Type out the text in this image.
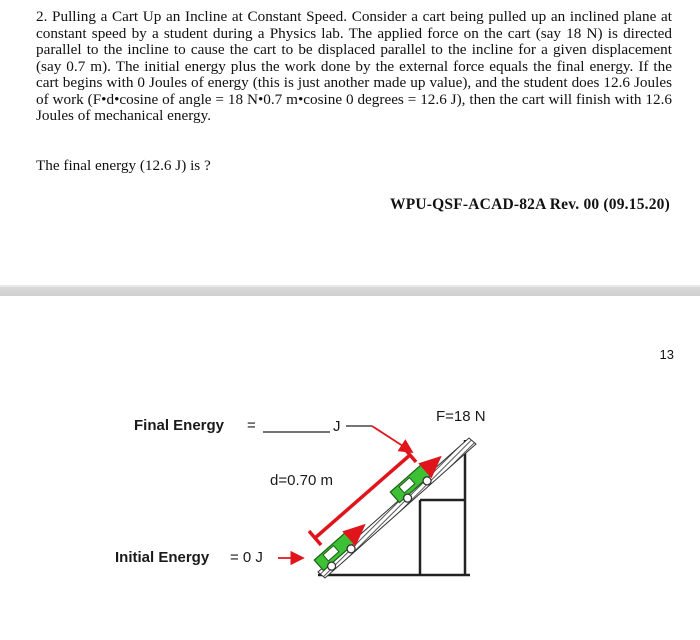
2. Pulling a Cart Up an Incline at Constant Speed. Consider a cart being pulled up an inclined plane at constant speed by a student during a Physics lab. The applied force on the cart (say 18 N) is directed parallel to the incline to cause the cart to be displaced parallel to the incline for a given displacement (say 0.7 m). The initial energy plus the work done by the external force equals the final energy. If the cart begins with 0 Joules of energy (this is just another made up value), and the student does 12.6 Joules of work (F•d•cosine of angle = 18 N•0.7 m•cosine 0 degrees = 12.6 J), then the cart will finish with 12.6 Joules of mechanical energy.

The final energy (12.6 J) is ?

WPU-QSF-ACAD-82A Rev. 00 (09.15.20)

13
Final Energy =	J
F=18 N
d=0.70 m
Initial Energy = 0 J
